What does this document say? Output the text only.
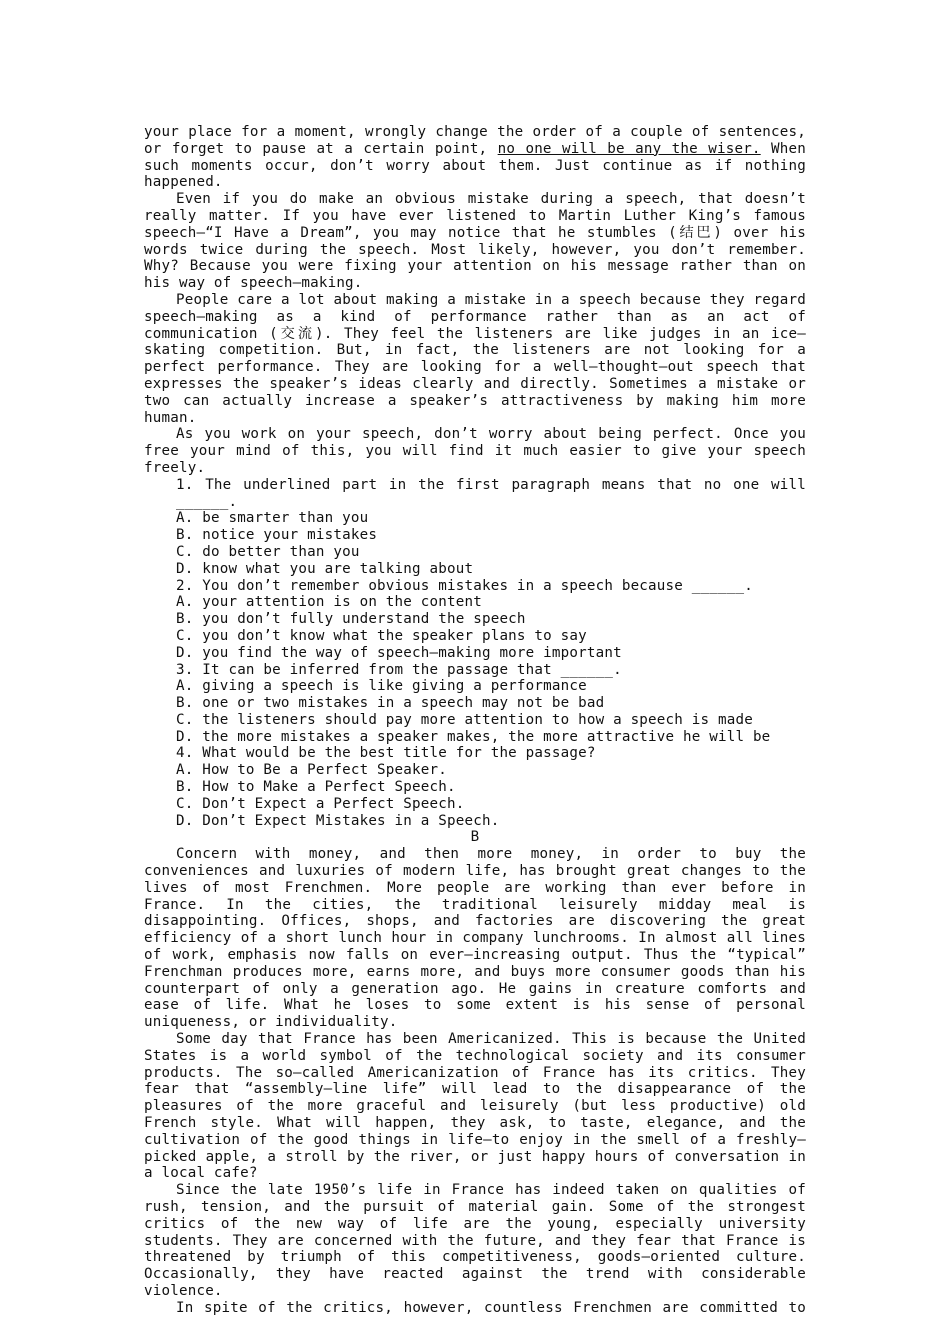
your place for a moment, wrongly change the order of a couple of sentences, or forget to pause at a certain point, no one will be any the wiser. When such moments occur, don’t worry about them. Just continue as if nothing happened.

Even if you do make an obvious mistake during a speech, that doesn’t really matter. If you have ever listened to Martin Luther King’s famous speech—“I Have a Dream”, you may notice that he stumbles (结巴) over his words twice during the speech. Most likely, however, you don’t remember. Why? Because you were fixing your attention on his message rather than on his way of speech—making.

People care a lot about making a mistake in a speech because they regard speech—making as a kind of performance rather than as an act of communication (交流). They feel the listeners are like judges in an ice—skating competition. But, in fact, the listeners are not looking for a perfect performance. They are looking for a well—thought—out speech that expresses the speaker’s ideas clearly and directly. Sometimes a mistake or two can actually increase a speaker’s attractiveness by making him more human.

As you work on your speech, don’t worry about being perfect. Once you free your mind of this, you will find it much easier to give your speech freely.

1. The underlined part in the first paragraph means that no one will ______.

A. be smarter than you

B. notice your mistakes

C. do better than you

D. know what you are talking about

2. You don’t remember obvious mistakes in a speech because ______.

A. your attention is on the content

B. you don’t fully understand the speech

C. you don’t know what the speaker plans to say

D. you find the way of speech—making more important

3. It can be inferred from the passage that ______.

A. giving a speech is like giving a performance

B. one or two mistakes in a speech may not be bad

C. the listeners should pay more attention to how a speech is made

D. the more mistakes a speaker makes, the more attractive he will be

4. What would be the best title for the passage?

A. How to Be a Perfect Speaker.

B. How to Make a Perfect Speech.

C. Don’t Expect a Perfect Speech.

D. Don’t Expect Mistakes in a Speech.

B

Concern with money, and then more money, in order to buy the conveniences and luxuries of modern life, has brought great changes to the lives of most Frenchmen. More people are working than ever before in France. In the cities, the traditional leisurely midday meal is disappointing. Offices, shops, and factories are discovering the great efficiency of a short lunch hour in company lunchrooms. In almost all lines of work, emphasis now falls on ever—increasing output. Thus the “typical” Frenchman produces more, earns more, and buys more consumer goods than his counterpart of only a generation ago. He gains in creature comforts and ease of life. What he loses to some extent is his sense of personal uniqueness, or individuality.

Some day that France has been Americanized. This is because the United States is a world symbol of the technological society and its consumer products. The so—called Americanization of France has its critics. They fear that “assembly—line life” will lead to the disappearance of the pleasures of the more graceful and leisurely (but less productive) old French style. What will happen, they ask, to taste, elegance, and the cultivation of the good things in life—to enjoy in the smell of a freshly—picked apple, a stroll by the river, or just happy hours of conversation in a local cafe?

Since the late 1950’s life in France has indeed taken on qualities of rush, tension, and the pursuit of material gain. Some of the strongest critics of the new way of life are the young, especially university students. They are concerned with the future, and they fear that France is threatened by triumph of this competitiveness, goods—oriented culture. Occasionally, they have reacted against the trend with considerable violence.

In spite of the critics, however, countless Frenchmen are committed to
